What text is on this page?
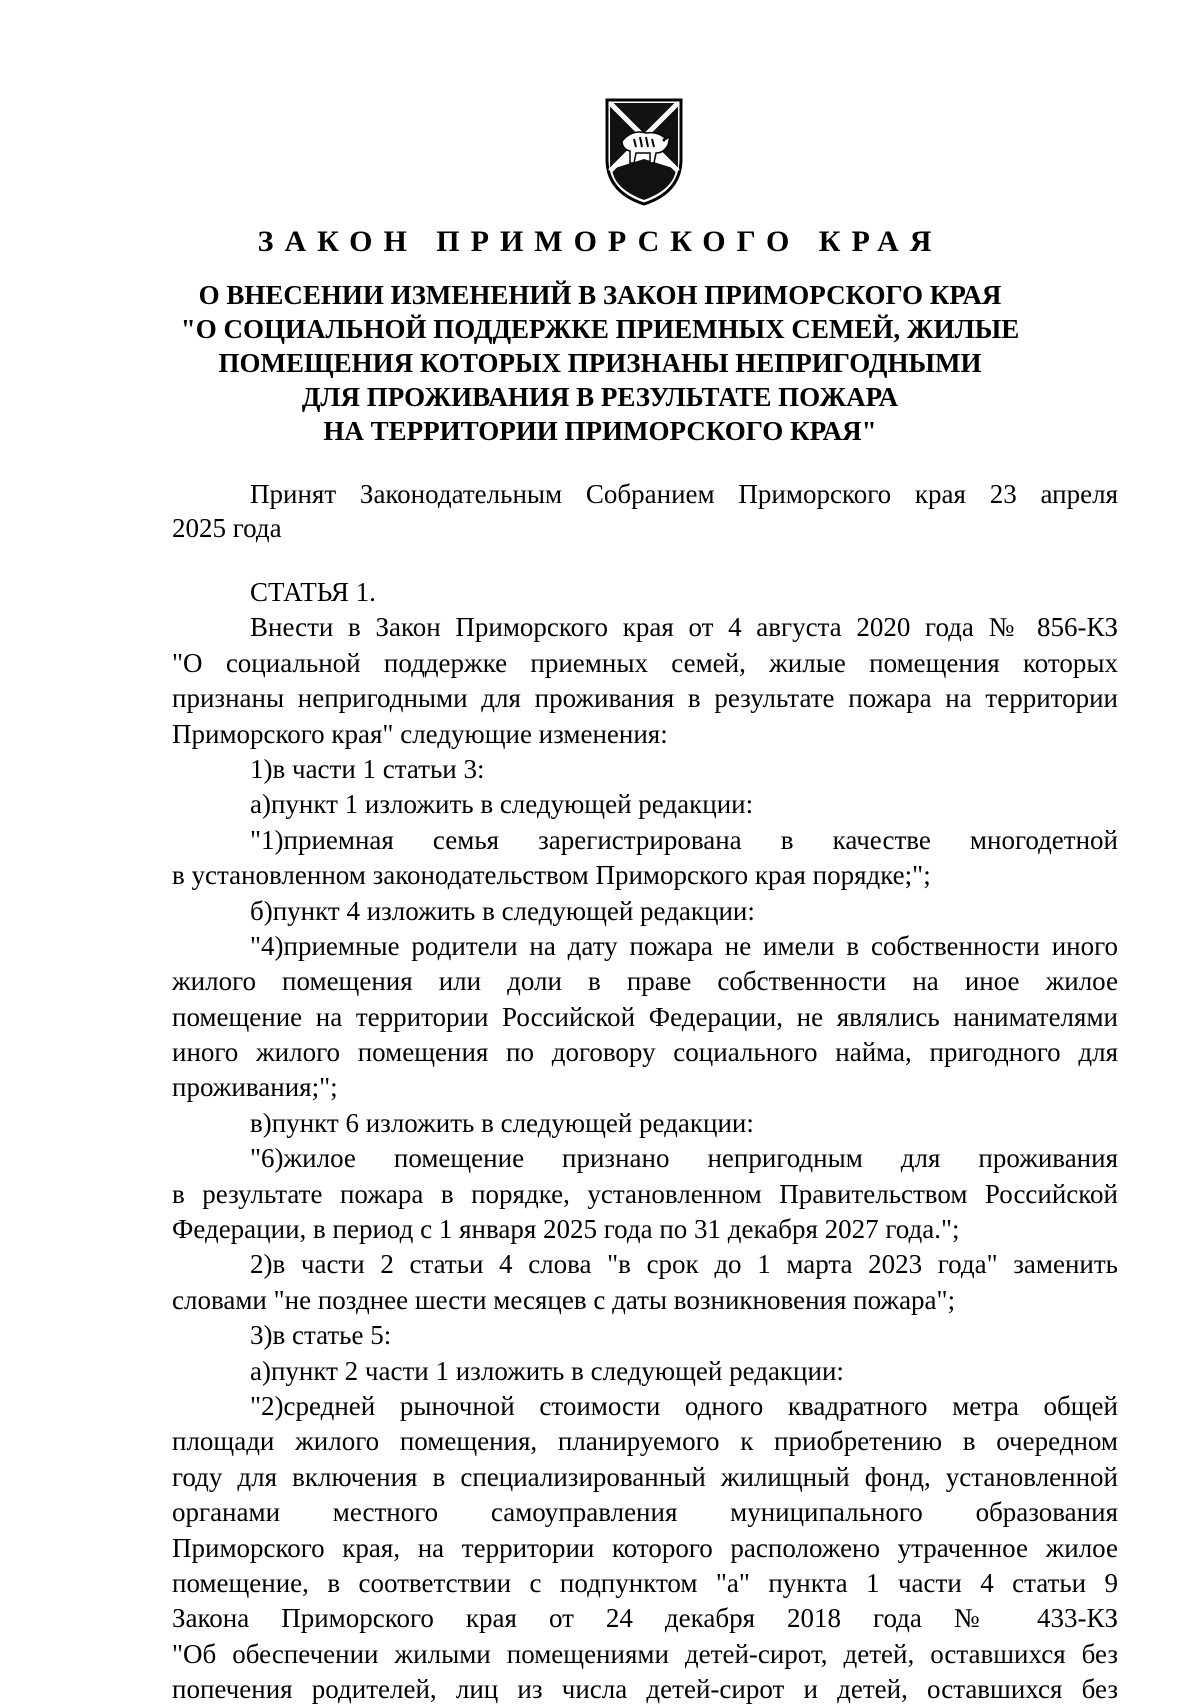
ЗАКОН ПРИМОРСКОГО КРАЯ
О ВНЕСЕНИИ ИЗМЕНЕНИЙ В ЗАКОН ПРИМОРСКОГО КРАЯ
"О СОЦИАЛЬНОЙ ПОДДЕРЖКЕ ПРИЕМНЫХ СЕМЕЙ, ЖИЛЫЕ
ПОМЕЩЕНИЯ КОТОРЫХ ПРИЗНАНЫ НЕПРИГОДНЫМИ
ДЛЯ ПРОЖИВАНИЯ В РЕЗУЛЬТАТЕ ПОЖАРА
НА ТЕРРИТОРИИ ПРИМОРСКОГО КРАЯ"
Принят Законодательным Собранием Приморского края 23 апреля
2025 года
СТАТЬЯ 1.
Внести в Закон Приморского края от 4 августа 2020 года № 856-КЗ
"О социальной поддержке приемных семей, жилые помещения которых
признаны непригодными для проживания в результате пожара на территории
Приморского края" следующие изменения:
1)в части 1 статьи 3:
а)пункт 1 изложить в следующей редакции:
"1)приемная семья зарегистрирована в качестве многодетной
в установленном законодательством Приморского края порядке;";
б)пункт 4 изложить в следующей редакции:
"4)приемные родители на дату пожара не имели в собственности иного
жилого помещения или доли в праве собственности на иное жилое
помещение на территории Российской Федерации, не являлись нанимателями
иного жилого помещения по договору социального найма, пригодного для
проживания;";
в)пункт 6 изложить в следующей редакции:
"6)жилое помещение признано непригодным для проживания
в результате пожара в порядке, установленном Правительством Российской
Федерации, в период с 1 января 2025 года по 31 декабря 2027 года.";
2)в части 2 статьи 4 слова "в срок до 1 марта 2023 года" заменить
словами "не позднее шести месяцев с даты возникновения пожара";
3)в статье 5:
а)пункт 2 части 1 изложить в следующей редакции:
"2)средней рыночной стоимости одного квадратного метра общей
площади жилого помещения, планируемого к приобретению в очередном
году для включения в специализированный жилищный фонд, установленной
органами местного самоуправления муниципального образования
Приморского края, на территории которого расположено утраченное жилое
помещение, в соответствии с подпунктом "а" пункта 1 части 4 статьи 9
Закона Приморского края от 24 декабря 2018 года № 433-КЗ
"Об обеспечении жилыми помещениями детей-сирот, детей, оставшихся без
попечения родителей, лиц из числа детей-сирот и детей, оставшихся без
